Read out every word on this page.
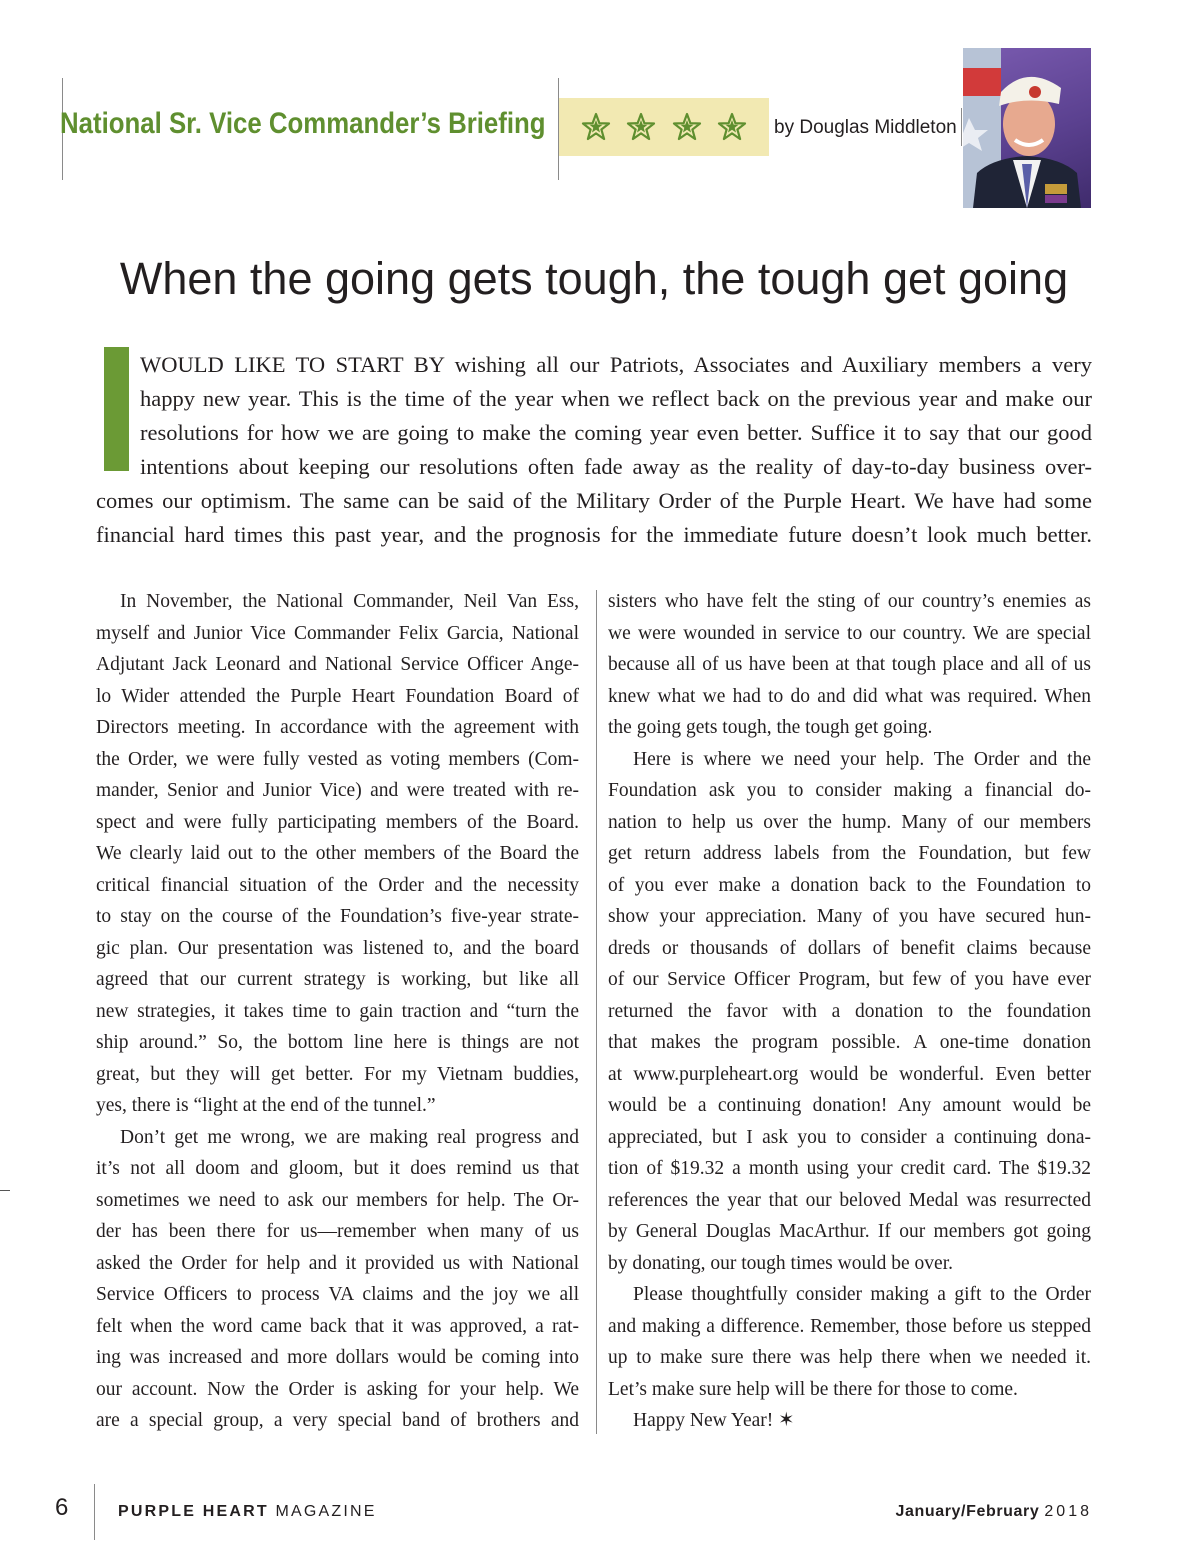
National Sr. Vice Commander’s Briefing	by Douglas Middleton
When the going gets tough, the tough get going
WOULD LIKE TO START BY wishing all our Patriots, Associates and Auxiliary members a very
happy new year. This is the time of the year when we reflect back on the previous year and make our
resolutions for how we are going to make the coming year even better. Suffice it to say that our good
intentions about keeping our resolutions often fade away as the reality of day-to-day business over-
comes our optimism. The same can be said of the Military Order of the Purple Heart. We have had some
financial hard times this past year, and the prognosis for the immediate future doesn’t look much better.
In November, the National Commander, Neil Van Ess,
myself and Junior Vice Commander Felix Garcia, National
Adjutant Jack Leonard and National Service Officer Ange-
lo Wider attended the Purple Heart Foundation Board of
Directors meeting. In accordance with the agreement with
the Order, we were fully vested as voting members (Com-
mander, Senior and Junior Vice) and were treated with re-
spect and were fully participating members of the Board.
We clearly laid out to the other members of the Board the
critical financial situation of the Order and the necessity
to stay on the course of the Foundation’s five-year strate-
gic plan. Our presentation was listened to, and the board
agreed that our current strategy is working, but like all
new strategies, it takes time to gain traction and “turn the
ship around.” So, the bottom line here is things are not
great, but they will get better. For my Vietnam buddies,
yes, there is “light at the end of the tunnel.”
Don’t get me wrong, we are making real progress and
it’s not all doom and gloom, but it does remind us that
sometimes we need to ask our members for help. The Or-
der has been there for us—remember when many of us
asked the Order for help and it provided us with National
Service Officers to process VA claims and the joy we all
felt when the word came back that it was approved, a rat-
ing was increased and more dollars would be coming into
our account. Now the Order is asking for your help. We
are a special group, a very special band of brothers and
sisters who have felt the sting of our country’s enemies as
we were wounded in service to our country. We are special
because all of us have been at that tough place and all of us
knew what we had to do and did what was required. When
the going gets tough, the tough get going.
Here is where we need your help. The Order and the
Foundation ask you to consider making a financial do-
nation to help us over the hump. Many of our members
get return address labels from the Foundation, but few
of you ever make a donation back to the Foundation to
show your appreciation. Many of you have secured hun-
dreds or thousands of dollars of benefit claims because
of our Service Officer Program, but few of you have ever
returned the favor with a donation to the foundation
that makes the program possible. A one-time donation
at www.purpleheart.org would be wonderful. Even better
would be a continuing donation! Any amount would be
appreciated, but I ask you to consider a continuing dona-
tion of $19.32 a month using your credit card. The $19.32
references the year that our beloved Medal was resurrected
by General Douglas MacArthur. If our members got going
by donating, our tough times would be over.
Please thoughtfully consider making a gift to the Order
and making a difference. Remember, those before us stepped
up to make sure there was help there when we needed it.
Let’s make sure help will be there for those to come.
Happy New Year! ✶
6	PURPLE HEART MAGAZINE	January/February 2018
